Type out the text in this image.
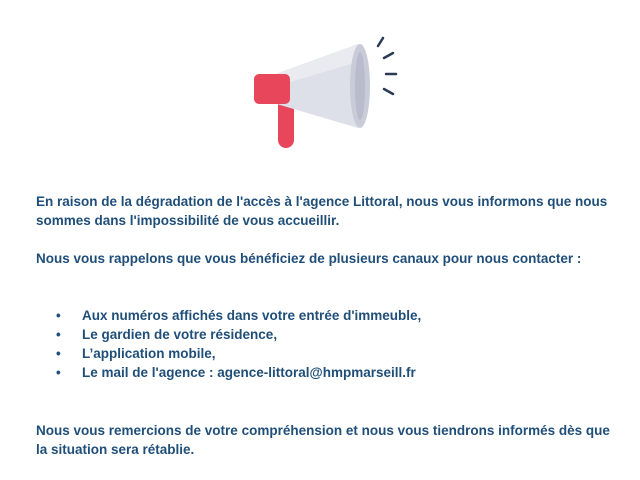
En raison de la dégradation de l'accès à l'agence Littoral, nous vous informons que nous sommes dans l'impossibilité de vous accueillir.

Nous vous rappelons que vous bénéficiez de plusieurs canaux pour nous contacter :

• Aux numéros affichés dans votre entrée d'immeuble,
• Le gardien de votre résidence,
• L’application mobile,
• Le mail de l'agence : agence-littoral@hmpmarseill.fr

Nous vous remercions de votre compréhension et nous vous tiendrons informés dès que la situation sera rétablie.
